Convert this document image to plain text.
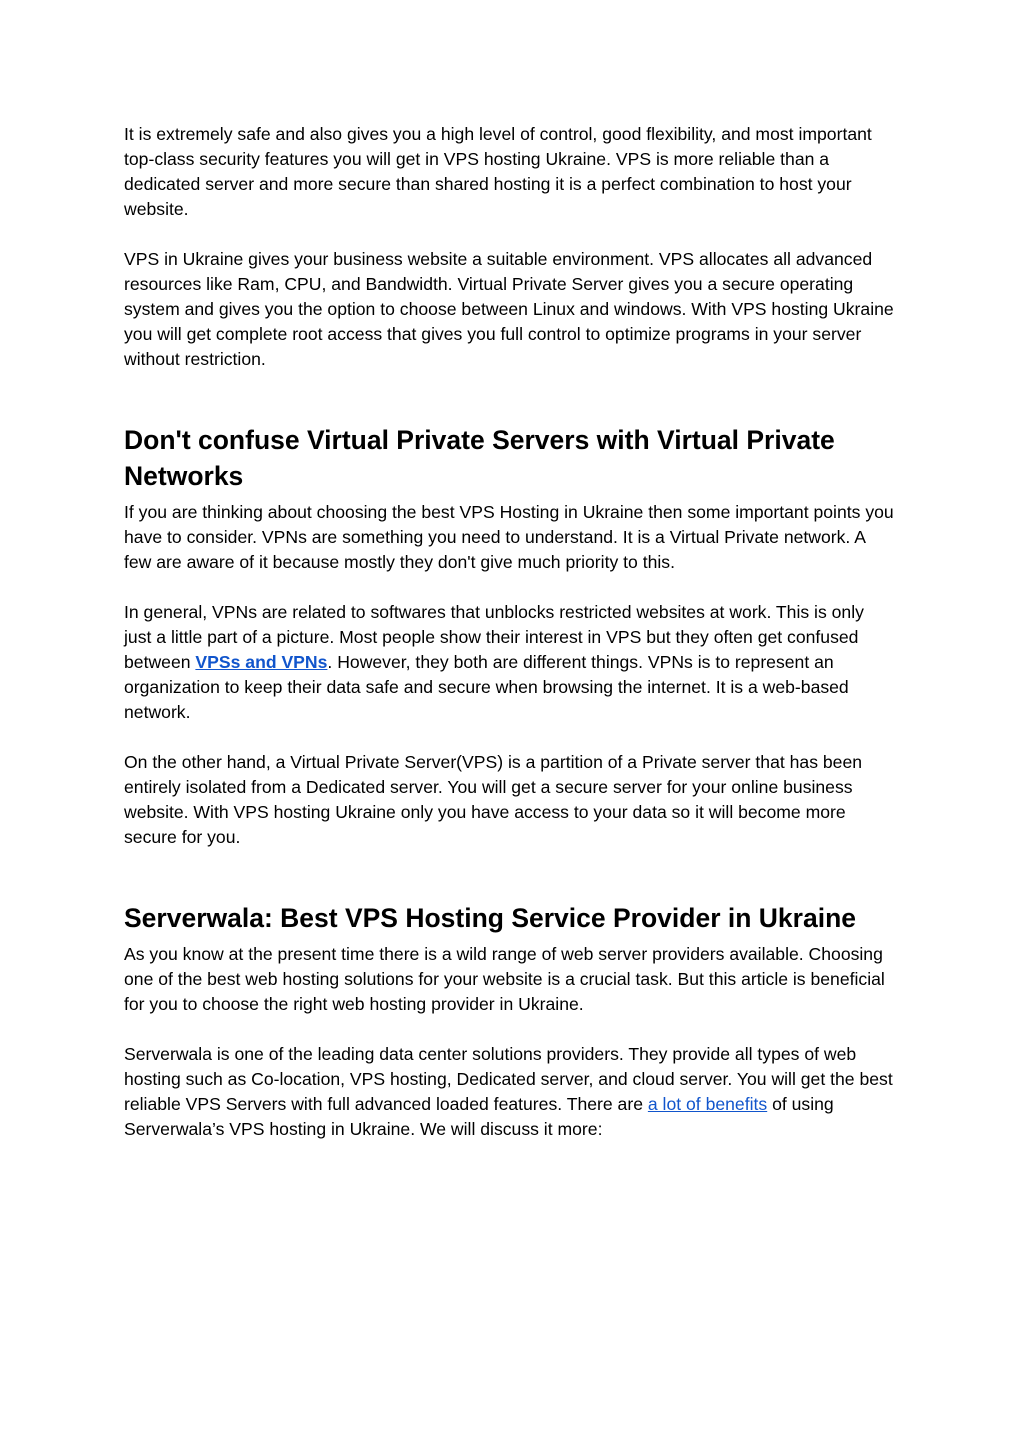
It is extremely safe and also gives you a high level of control, good flexibility, and most important top-class security features you will get in VPS hosting Ukraine. VPS is more reliable than a dedicated server and more secure than shared hosting it is a perfect combination to host your website.

VPS in Ukraine gives your business website a suitable environment. VPS allocates all advanced resources like Ram, CPU, and Bandwidth. Virtual Private Server gives you a secure operating system and gives you the option to choose between Linux and windows. With VPS hosting Ukraine you will get complete root access that gives you full control to optimize programs in your server without restriction.

Don't confuse Virtual Private Servers with Virtual Private Networks

If you are thinking about choosing the best VPS Hosting in Ukraine then some important points you have to consider. VPNs are something you need to understand. It is a Virtual Private network. A few are aware of it because mostly they don't give much priority to this.

In general, VPNs are related to softwares that unblocks restricted websites at work. This is only just a little part of a picture. Most people show their interest in VPS but they often get confused between VPSs and VPNs. However, they both are different things. VPNs is to represent an organization to keep their data safe and secure when browsing the internet. It is a web-based network.

On the other hand, a Virtual Private Server(VPS) is a partition of a Private server that has been entirely isolated from a Dedicated server. You will get a secure server for your online business website. With VPS hosting Ukraine only you have access to your data so it will become more secure for you.

Serverwala: Best VPS Hosting Service Provider in Ukraine

As you know at the present time there is a wild range of web server providers available. Choosing one of the best web hosting solutions for your website is a crucial task. But this article is beneficial for you to choose the right web hosting provider in Ukraine.

Serverwala is one of the leading data center solutions providers. They provide all types of web hosting such as Co-location, VPS hosting, Dedicated server, and cloud server. You will get the best reliable VPS Servers with full advanced loaded features. There are a lot of benefits of using Serverwala’s VPS hosting in Ukraine. We will discuss it more:
